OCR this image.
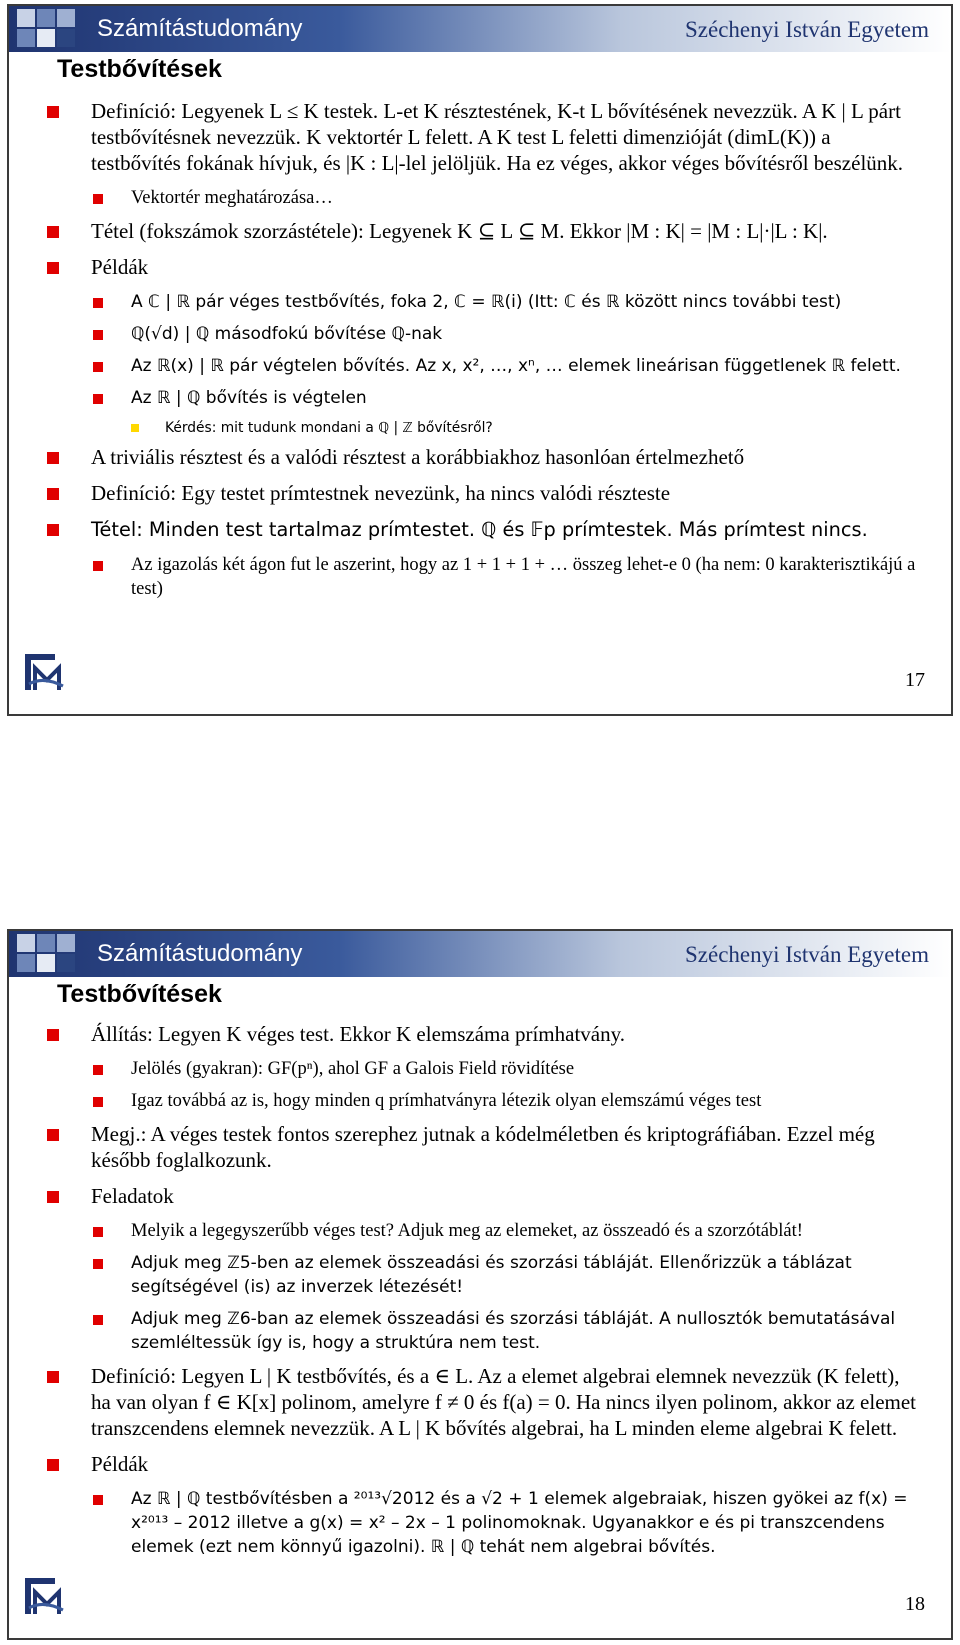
Számítástudomány	Széchenyi István Egyetem
Testbővítések
Definíció: Legyenek L ≤ K testek. L-et K résztestének, K-t L bővítésének nevezzük. A K | L párt testbővítésnek nevezzük. K vektortér L felett. A K test L feletti dimenzióját (dimL(K)) a testbővítés fokának hívjuk, és |K : L|-lel jelöljük. Ha ez véges, akkor véges bővítésről beszélünk.
Vektortér meghatározása…
Tétel (fokszámok szorzástétele): Legyenek K ⊆ L ⊆ M. Ekkor |M : K| = |M : L|·|L : K|.
Példák
A ℂ | ℝ pár véges testbővítés, foka 2, ℂ = ℝ(i) (Itt: ℂ és ℝ között nincs további test)
ℚ(√d) | ℚ másodfokú bővítése ℚ-nak
Az ℝ(x) | ℝ pár végtelen bővítés. Az x, x², …, xⁿ, … elemek lineárisan függetlenek ℝ felett.
Az ℝ | ℚ bővítés is végtelen
Kérdés: mit tudunk mondani a ℚ | ℤ bővítésről?
A triviális résztest és a valódi résztest a korábbiakhoz hasonlóan értelmezhető
Definíció: Egy testet prímtestnek nevezünk, ha nincs valódi részteste
Tétel: Minden test tartalmaz prímtestet. ℚ és 𝔽p prímtestek. Más prímtest nincs.
Az igazolás két ágon fut le aszerint, hogy az 1 + 1 + 1 + … összeg lehet-e 0 (ha nem: 0 karakterisztikájú a test)
17
Számítástudomány	Széchenyi István Egyetem
Testbővítések
Állítás: Legyen K véges test. Ekkor K elemszáma prímhatvány.
Jelölés (gyakran): GF(pⁿ), ahol GF a Galois Field rövidítése
Igaz továbbá az is, hogy minden q prímhatványra létezik olyan elemszámú véges test
Megj.: A véges testek fontos szerephez jutnak a kódelméletben és kriptográfiában. Ezzel még később foglalkozunk.
Feladatok
Melyik a legegyszerűbb véges test? Adjuk meg az elemeket, az összeadó és a szorzótáblát!
Adjuk meg ℤ5-ben az elemek összeadási és szorzási tábláját. Ellenőrizzük a táblázat segítségével (is) az inverzek létezését!
Adjuk meg ℤ6-ban az elemek összeadási és szorzási tábláját. A nullosztók bemutatásával szemléltessük így is, hogy a struktúra nem test.
Definíció: Legyen L | K testbővítés, és a ∈ L. Az a elemet algebrai elemnek nevezzük (K felett), ha van olyan f ∈ K[x] polinom, amelyre f ≠ 0 és f(a) = 0. Ha nincs ilyen polinom, akkor az elemet transzcendens elemnek nevezzük. A L | K bővítés algebrai, ha L minden eleme algebrai K felett.
Példák
Az ℝ | ℚ testbővítésben a ²⁰¹³√2012 és a √2 + 1 elemek algebraiak, hiszen gyökei az f(x) = x²⁰¹³ – 2012 illetve a g(x) = x² – 2x – 1 polinomoknak. Ugyanakkor e és pi transzcendens elemek (ezt nem könnyű igazolni). ℝ | ℚ tehát nem algebrai bővítés.
18
